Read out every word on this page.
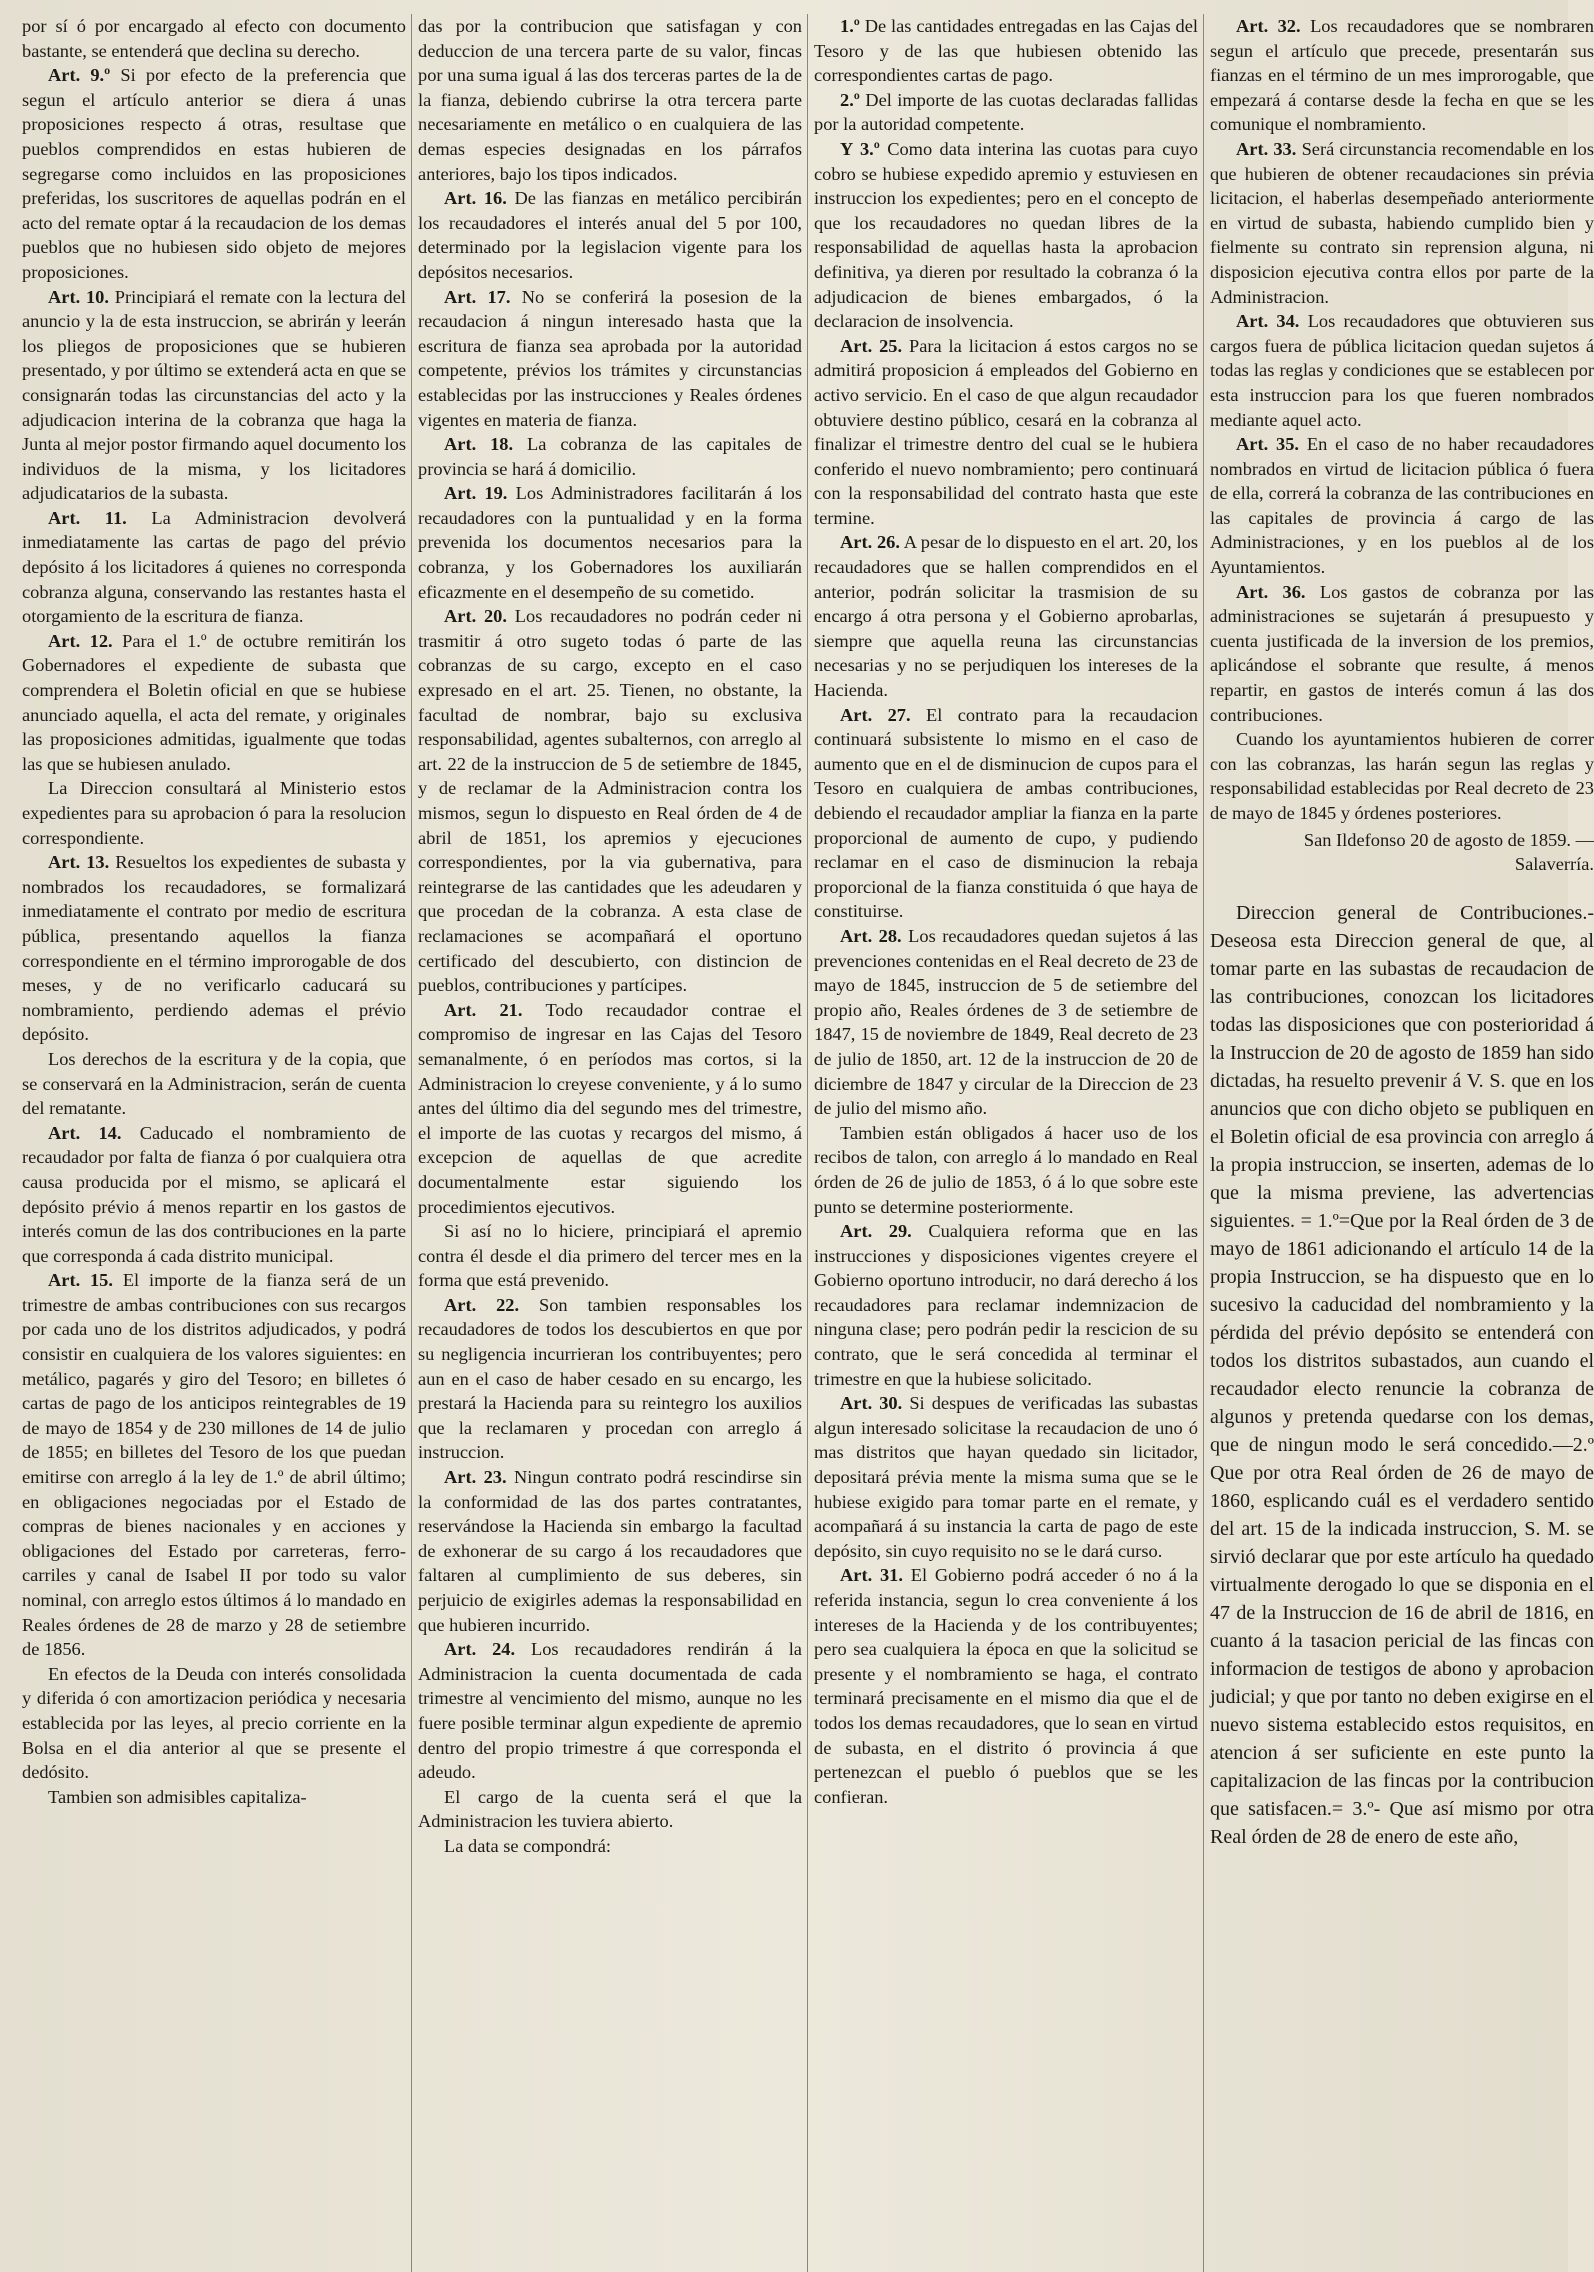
por sí ó por encargado al efecto con documento bastante, se entenderá que declina su derecho.

Art. 9.º Si por efecto de la preferencia que segun el artículo anterior se diera á unas proposiciones respecto á otras, resultase que pueblos comprendidos en estas hubieren de segregarse como incluidos en las proposiciones preferidas, los suscritores de aquellas podrán en el acto del remate optar á la recaudacion de los demas pueblos que no hubiesen sido objeto de mejores proposiciones.

Art. 10. Principiará el remate con la lectura del anuncio y la de esta instruccion, se abrirán y leerán los pliegos de proposiciones que se hubieren presentado, y por último se extenderá acta en que se consignarán todas las circunstancias del acto y la adjudicacion interina de la cobranza que haga la Junta al mejor postor firmando aquel documento los individuos de la misma, y los licitadores adjudicatarios de la subasta.

Art. 11. La Administracion devolverá inmediatamente las cartas de pago del prévio depósito á los licitadores á quienes no corresponda cobranza alguna, conservando las restantes hasta el otorgamiento de la escritura de fianza.

Art. 12. Para el 1.º de octubre remitirán los Gobernadores el expediente de subasta que comprendera el Boletin oficial en que se hubiese anunciado aquella, el acta del remate, y originales las proposiciones admitidas, igualmente que todas las que se hubiesen anulado.

La Direccion consultará al Ministerio estos expedientes para su aprobacion ó para la resolucion correspondiente.

Art. 13. Resueltos los expedientes de subasta y nombrados los recaudadores, se formalizará inmediatamente el contrato por medio de escritura pública, presentando aquellos la fianza correspondiente en el término improrogable de dos meses, y de no verificarlo caducará su nombramiento, perdiendo ademas el prévio depósito.

Los derechos de la escritura y de la copia, que se conservará en la Administracion, serán de cuenta del rematante.

Art. 14. Caducado el nombramiento de recaudador por falta de fianza ó por cualquiera otra causa producida por el mismo, se aplicará el depósito prévio á menos repartir en los gastos de interés comun de las dos contribuciones en la parte que corresponda á cada distrito municipal.

Art. 15. El importe de la fianza será de un trimestre de ambas contribuciones con sus recargos por cada uno de los distritos adjudicados, y podrá consistir en cualquiera de los valores siguientes: en metálico, pagarés y giro del Tesoro; en billetes ó cartas de pago de los anticipos reintegrables de 19 de mayo de 1854 y de 230 millones de 14 de julio de 1855; en billetes del Tesoro de los que puedan emitirse con arreglo á la ley de 1.º de abril último; en obligaciones negociadas por el Estado de compras de bienes nacionales y en acciones y obligaciones del Estado por carreteras, ferro-carriles y canal de Isabel II por todo su valor nominal, con arreglo estos últimos á lo mandado en Reales órdenes de 28 de marzo y 28 de setiembre de 1856.

En efectos de la Deuda con interés consolidada y diferida ó con amortizacion periódica y necesaria establecida por las leyes, al precio corriente en la Bolsa en el dia anterior al que se presente el dedósito.

Tambien son admisibles capitaliza-

das por la contribucion que satisfagan y con deduccion de una tercera parte de su valor, fincas por una suma igual á las dos terceras partes de la de la fianza, debiendo cubrirse la otra tercera parte necesariamente en metálico o en cualquiera de las demas especies designadas en los párrafos anteriores, bajo los tipos indicados.

Art. 16. De las fianzas en metálico percibirán los recaudadores el interés anual del 5 por 100, determinado por la legislacion vigente para los depósitos necesarios.

Art. 17. No se conferirá la posesion de la recaudacion á ningun interesado hasta que la escritura de fianza sea aprobada por la autoridad competente, prévios los trámites y circunstancias establecidas por las instrucciones y Reales órdenes vigentes en materia de fianza.

Art. 18. La cobranza de las capitales de provincia se hará á domicilio.

Art. 19. Los Administradores facilitarán á los recaudadores con la puntualidad y en la forma prevenida los documentos necesarios para la cobranza, y los Gobernadores los auxiliarán eficazmente en el desempeño de su cometido.

Art. 20. Los recaudadores no podrán ceder ni trasmitir á otro sugeto todas ó parte de las cobranzas de su cargo, excepto en el caso expresado en el art. 25. Tienen, no obstante, la facultad de nombrar, bajo su exclusiva responsabilidad, agentes subalternos, con arreglo al art. 22 de la instruccion de 5 de setiembre de 1845, y de reclamar de la Administracion contra los mismos, segun lo dispuesto en Real órden de 4 de abril de 1851, los apremios y ejecuciones correspondientes, por la via gubernativa, para reintegrarse de las cantidades que les adeudaren y que procedan de la cobranza. A esta clase de reclamaciones se acompañará el oportuno certificado del descubierto, con distincion de pueblos, contribuciones y partícipes.

Art. 21. Todo recaudador contrae el compromiso de ingresar en las Cajas del Tesoro semanalmente, ó en períodos mas cortos, si la Administracion lo creyese conveniente, y á lo sumo antes del último dia del segundo mes del trimestre, el importe de las cuotas y recargos del mismo, á excepcion de aquellas de que acredite documentalmente estar siguiendo los procedimientos ejecutivos.

Si así no lo hiciere, principiará el apremio contra él desde el dia primero del tercer mes en la forma que está prevenido.

Art. 22. Son tambien responsables los recaudadores de todos los descubiertos en que por su negligencia incurrieran los contribuyentes; pero aun en el caso de haber cesado en su encargo, les prestará la Hacienda para su reintegro los auxilios que la reclamaren y procedan con arreglo á instruccion.

Art. 23. Ningun contrato podrá rescindirse sin la conformidad de las dos partes contratantes, reservándose la Hacienda sin embargo la facultad de exhonerar de su cargo á los recaudadores que faltaren al cumplimiento de sus deberes, sin perjuicio de exigirles ademas la responsabilidad en que hubieren incurrido.

Art. 24. Los recaudadores rendirán á la Administracion la cuenta documentada de cada trimestre al vencimiento del mismo, aunque no les fuere posible terminar algun expediente de apremio dentro del propio trimestre á que corresponda el adeudo.

El cargo de la cuenta será el que la Administracion les tuviera abierto.

La data se compondrá:

1.º De las cantidades entregadas en las Cajas del Tesoro y de las que hubiesen obtenido las correspondientes cartas de pago.

2.º Del importe de las cuotas declaradas fallidas por la autoridad competente.

Y 3.º Como data interina las cuotas para cuyo cobro se hubiese expedido apremio y estuviesen en instruccion los expedientes; pero en el concepto de que los recaudadores no quedan libres de la responsabilidad de aquellas hasta la aprobacion definitiva, ya dieren por resultado la cobranza ó la adjudicacion de bienes embargados, ó la declaracion de insolvencia.

Art. 25. Para la licitacion á estos cargos no se admitirá proposicion á empleados del Gobierno en activo servicio. En el caso de que algun recaudador obtuviere destino público, cesará en la cobranza al finalizar el trimestre dentro del cual se le hubiera conferido el nuevo nombramiento; pero continuará con la responsabilidad del contrato hasta que este termine.

Art. 26. A pesar de lo dispuesto en el art. 20, los recaudadores que se hallen comprendidos en el anterior, podrán solicitar la trasmision de su encargo á otra persona y el Gobierno aprobarlas, siempre que aquella reuna las circunstancias necesarias y no se perjudiquen los intereses de la Hacienda.

Art. 27. El contrato para la recaudacion continuará subsistente lo mismo en el caso de aumento que en el de disminucion de cupos para el Tesoro en cualquiera de ambas contribuciones, debiendo el recaudador ampliar la fianza en la parte proporcional de aumento de cupo, y pudiendo reclamar en el caso de disminucion la rebaja proporcional de la fianza constituida ó que haya de constituirse.

Art. 28. Los recaudadores quedan sujetos á las prevenciones contenidas en el Real decreto de 23 de mayo de 1845, instruccion de 5 de setiembre del propio año, Reales órdenes de 3 de setiembre de 1847, 15 de noviembre de 1849, Real decreto de 23 de julio de 1850, art. 12 de la instruccion de 20 de diciembre de 1847 y circular de la Direccion de 23 de julio del mismo año.

Tambien están obligados á hacer uso de los recibos de talon, con arreglo á lo mandado en Real órden de 26 de julio de 1853, ó á lo que sobre este punto se determine posteriormente.

Art. 29. Cualquiera reforma que en las instrucciones y disposiciones vigentes creyere el Gobierno oportuno introducir, no dará derecho á los recaudadores para reclamar indemnizacion de ninguna clase; pero podrán pedir la rescicion de su contrato, que le será concedida al terminar el trimestre en que la hubiese solicitado.

Art. 30. Si despues de verificadas las subastas algun interesado solicitase la recaudacion de uno ó mas distritos que hayan quedado sin licitador, depositará prévia mente la misma suma que se le hubiese exigido para tomar parte en el remate, y acompañará á su instancia la carta de pago de este depósito, sin cuyo requisito no se le dará curso.

Art. 31. El Gobierno podrá acceder ó no á la referida instancia, segun lo crea conveniente á los intereses de la Hacienda y de los contribuyentes; pero sea cualquiera la época en que la solicitud se presente y el nombramiento se haga, el contrato terminará precisamente en el mismo dia que el de todos los demas recaudadores, que lo sean en virtud de subasta, en el distrito ó provincia á que pertenezcan el pueblo ó pueblos que se les confieran.

Art. 32. Los recaudadores que se nombraren segun el artículo que precede, presentarán sus fianzas en el término de un mes improrogable, que empezará á contarse desde la fecha en que se les comunique el nombramiento.

Art. 33. Será circunstancia recomendable en los que hubieren de obtener recaudaciones sin prévia licitacion, el haberlas desempeñado anteriormente en virtud de subasta, habiendo cumplido bien y fielmente su contrato sin reprension alguna, ni disposicion ejecutiva contra ellos por parte de la Administracion.

Art. 34. Los recaudadores que obtuvieren sus cargos fuera de pública licitacion quedan sujetos á todas las reglas y condiciones que se establecen por esta instruccion para los que fueren nombrados mediante aquel acto.

Art. 35. En el caso de no haber recaudadores nombrados en virtud de licitacion pública ó fuera de ella, correrá la cobranza de las contribuciones en las capitales de provincia á cargo de las Administraciones, y en los pueblos al de los Ayuntamientos.

Art. 36. Los gastos de cobranza por las administraciones se sujetarán á presupuesto y cuenta justificada de la inversion de los premios, aplicándose el sobrante que resulte, á menos repartir, en gastos de interés comun á las dos contribuciones.

Cuando los ayuntamientos hubieren de correr con las cobranzas, las harán segun las reglas y responsabilidad establecidas por Real decreto de 23 de mayo de 1845 y órdenes posteriores.

San Ildefonso 20 de agosto de 1859. —Salaverría.

Direccion general de Contribuciones.-Deseosa esta Direccion general de que, al tomar parte en las subastas de recaudacion de las contribuciones, conozcan los licitadores todas las disposiciones que con posterioridad á la Instruccion de 20 de agosto de 1859 han sido dictadas, ha resuelto prevenir á V. S. que en los anuncios que con dicho objeto se publiquen en el Boletin oficial de esa provincia con arreglo á la propia instruccion, se inserten, ademas de lo que la misma previene, las advertencias siguientes. = 1.º=Que por la Real órden de 3 de mayo de 1861 adicionando el artículo 14 de la propia Instruccion, se ha dispuesto que en lo sucesivo la caducidad del nombramiento y la pérdida del prévio depósito se entenderá con todos los distritos subastados, aun cuando el recaudador electo renuncie la cobranza de algunos y pretenda quedarse con los demas, que de ningun modo le será concedido.—2.º Que por otra Real órden de 26 de mayo de 1860, esplicando cuál es el verdadero sentido del art. 15 de la indicada instruccion, S. M. se sirvió declarar que por este artículo ha quedado virtualmente derogado lo que se disponia en el 47 de la Instruccion de 16 de abril de 1816, en cuanto á la tasacion pericial de las fincas con informacion de testigos de abono y aprobacion judicial; y que por tanto no deben exigirse en el nuevo sistema establecido estos requisitos, en atencion á ser suficiente en este punto la capitalizacion de las fincas por la contribucion que satisfacen.= 3.º- Que así mismo por otra Real órden de 28 de enero de este año,
